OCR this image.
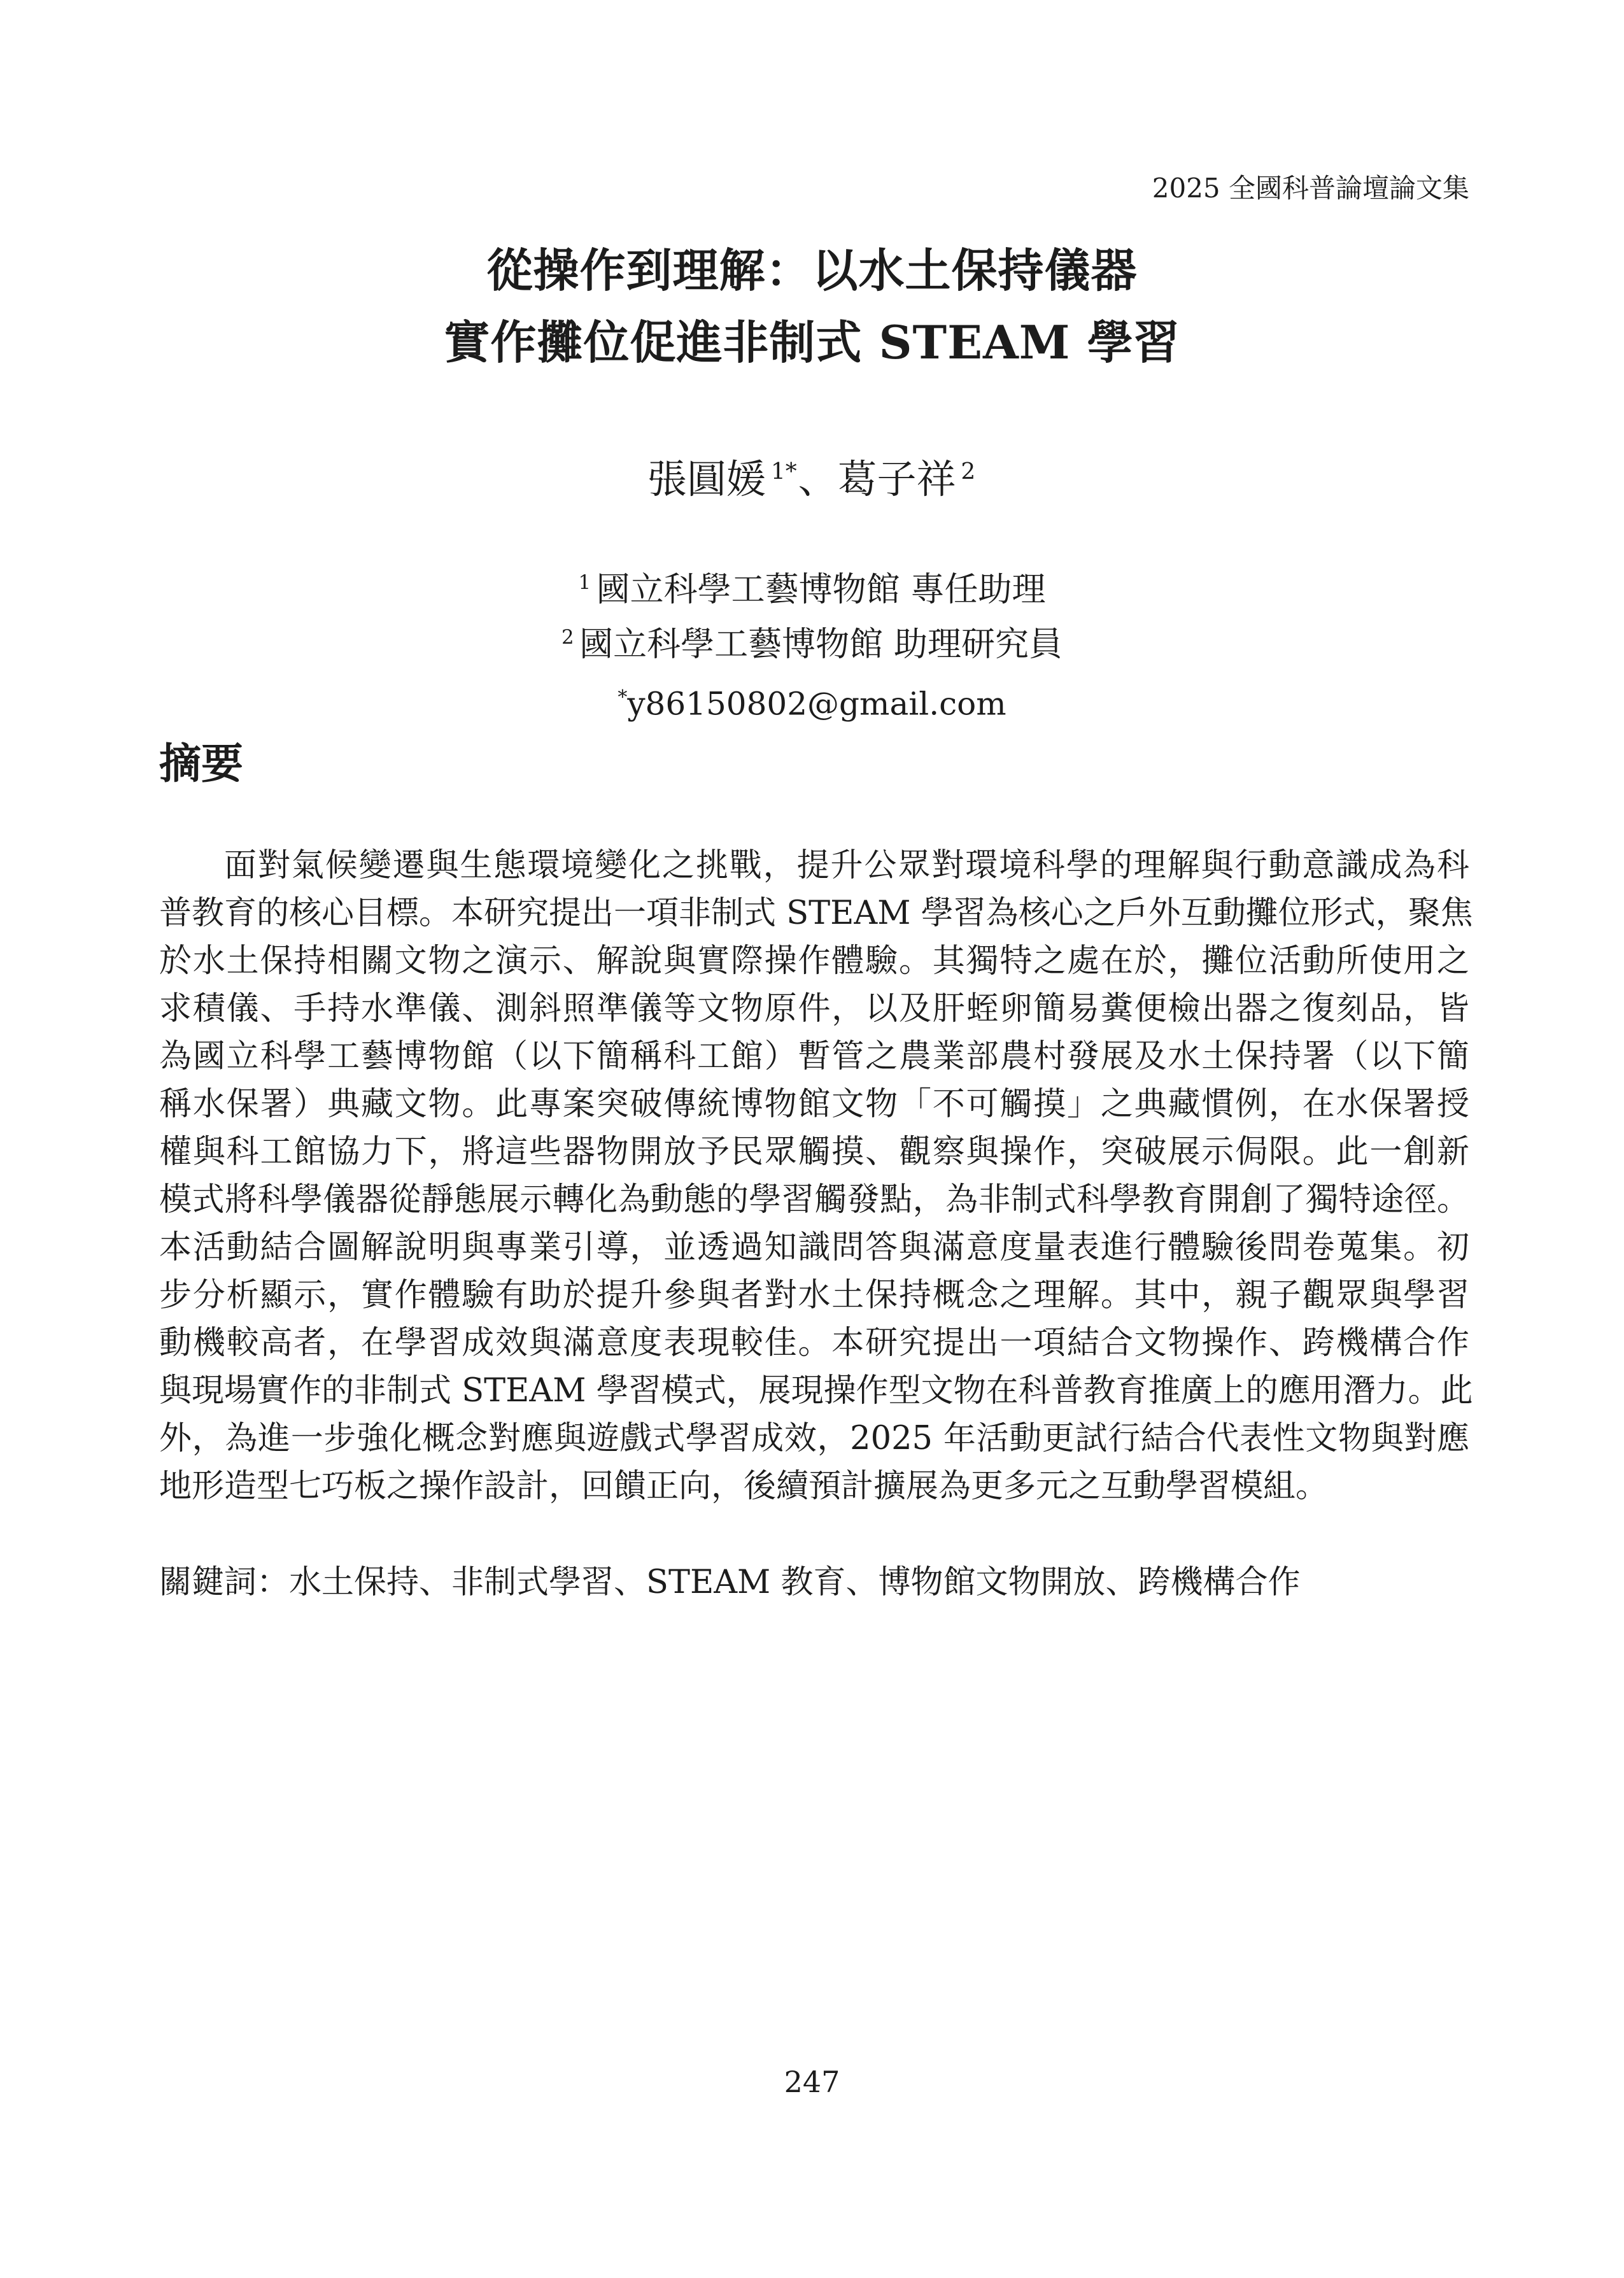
2025 全國科普論壇論文集
從操作到理解：以水土保持儀器
實作攤位促進非制式 STEAM 學習
張圓媛 $^{1*}$、葛子祥 $^2$
$^1$ 國立科學工藝博物館 專任助理
$^2$ 國立科學工藝博物館 助理研究員
*y86150802@gmail.com
摘要
面對氣候變遷與生態環境變化之挑戰，提升公眾對環境科學的理解與行動意識成為科
普教育的核心目標。本研究提出一項非制式 STEAM 學習為核心之戶外互動攤位形式，聚焦
於水土保持相關文物之演示、解說與實際操作體驗。其獨特之處在於，攤位活動所使用之
求積儀、手持水準儀、測斜照準儀等文物原件，以及肝蛭卵簡易糞便檢出器之復刻品，皆
為國立科學工藝博物館（以下簡稱科工館）暫管之農業部農村發展及水土保持署（以下簡
稱水保署）典藏文物。此專案突破傳統博物館文物「不可觸摸」之典藏慣例，在水保署授
權與科工館協力下，將這些器物開放予民眾觸摸、觀察與操作，突破展示侷限。此一創新
模式將科學儀器從靜態展示轉化為動態的學習觸發點，為非制式科學教育開創了獨特途徑。
本活動結合圖解說明與專業引導，並透過知識問答與滿意度量表進行體驗後問卷蒐集。初
步分析顯示，實作體驗有助於提升參與者對水土保持概念之理解。其中，親子觀眾與學習
動機較高者，在學習成效與滿意度表現較佳。本研究提出一項結合文物操作、跨機構合作
與現場實作的非制式 STEAM 學習模式，展現操作型文物在科普教育推廣上的應用潛力。此
外，為進一步強化概念對應與遊戲式學習成效，2025 年活動更試行結合代表性文物與對應
地形造型七巧板之操作設計，回饋正向，後續預計擴展為更多元之互動學習模組。
關鍵詞：水土保持、非制式學習、STEAM 教育、博物館文物開放、跨機構合作
247
